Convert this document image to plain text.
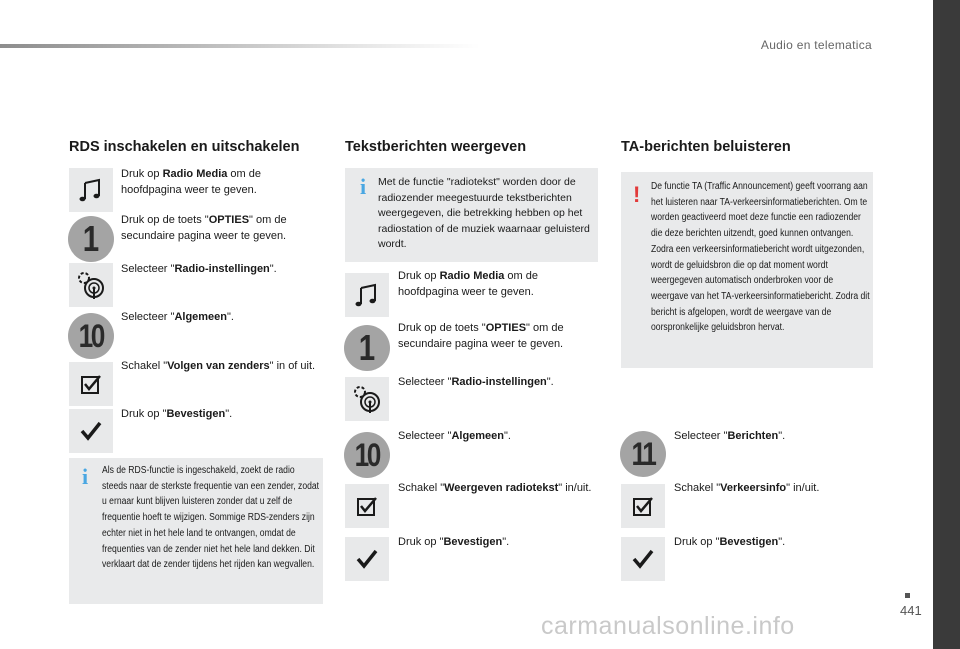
Audio en telematica
RDS inschakelen en uitschakelen
Druk op Radio Media om de hoofdpagina weer te geven.
1 Druk op de toets "OPTIES" om de secundaire pagina weer te geven.
Selecteer "Radio-instellingen".
10
Selecteer "Algemeen".
Schakel "Volgen van zenders" in of uit.
Druk op "Bevestigen".
i Als de RDS-functie is ingeschakeld, zoekt de radio steeds naar de sterkste frequentie van een zender, zodat u ernaar kunt blijven luisteren zonder dat u zelf de frequentie hoeft te wijzigen. Sommige RDS-zenders zijn echter niet in het hele land te ontvangen, omdat de frequenties van de zender niet het hele land dekken. Dit verklaart dat de zender tijdens het rijden kan wegvallen.
Tekstberichten weergeven
i Met de functie "radiotekst" worden door de radiozender meegestuurde tekstberichten weergegeven, die betrekking hebben op het radiostation of de muziek waarnaar geluisterd wordt.
Druk op Radio Media om de hoofdpagina weer te geven.
1 Druk op de toets "OPTIES" om de secundaire pagina weer te geven.
Selecteer "Radio-instellingen".
10
Selecteer "Algemeen".
Schakel "Weergeven radiotekst" in/uit.
Druk op "Bevestigen".
TA-berichten beluisteren
! De functie TA (Traffic Announcement) geeft voorrang aan het luisteren naar TA-verkeersinformatieberichten. Om te worden geactiveerd moet deze functie een radiozender die deze berichten uitzendt, goed kunnen ontvangen. Zodra een verkeersinformatiebericht wordt uitgezonden, wordt de geluidsbron die op dat moment wordt weergegeven automatisch onderbroken voor de weergave van het TA-verkeersinformatiebericht. Zodra dit bericht is afgelopen, wordt de weergave van de oorspronkelijke geluidsbron hervat.
11 Selecteer "Berichten".
Schakel "Verkeersinfo" in/uit.
Druk op "Bevestigen".
441
carmanualsonline.info
